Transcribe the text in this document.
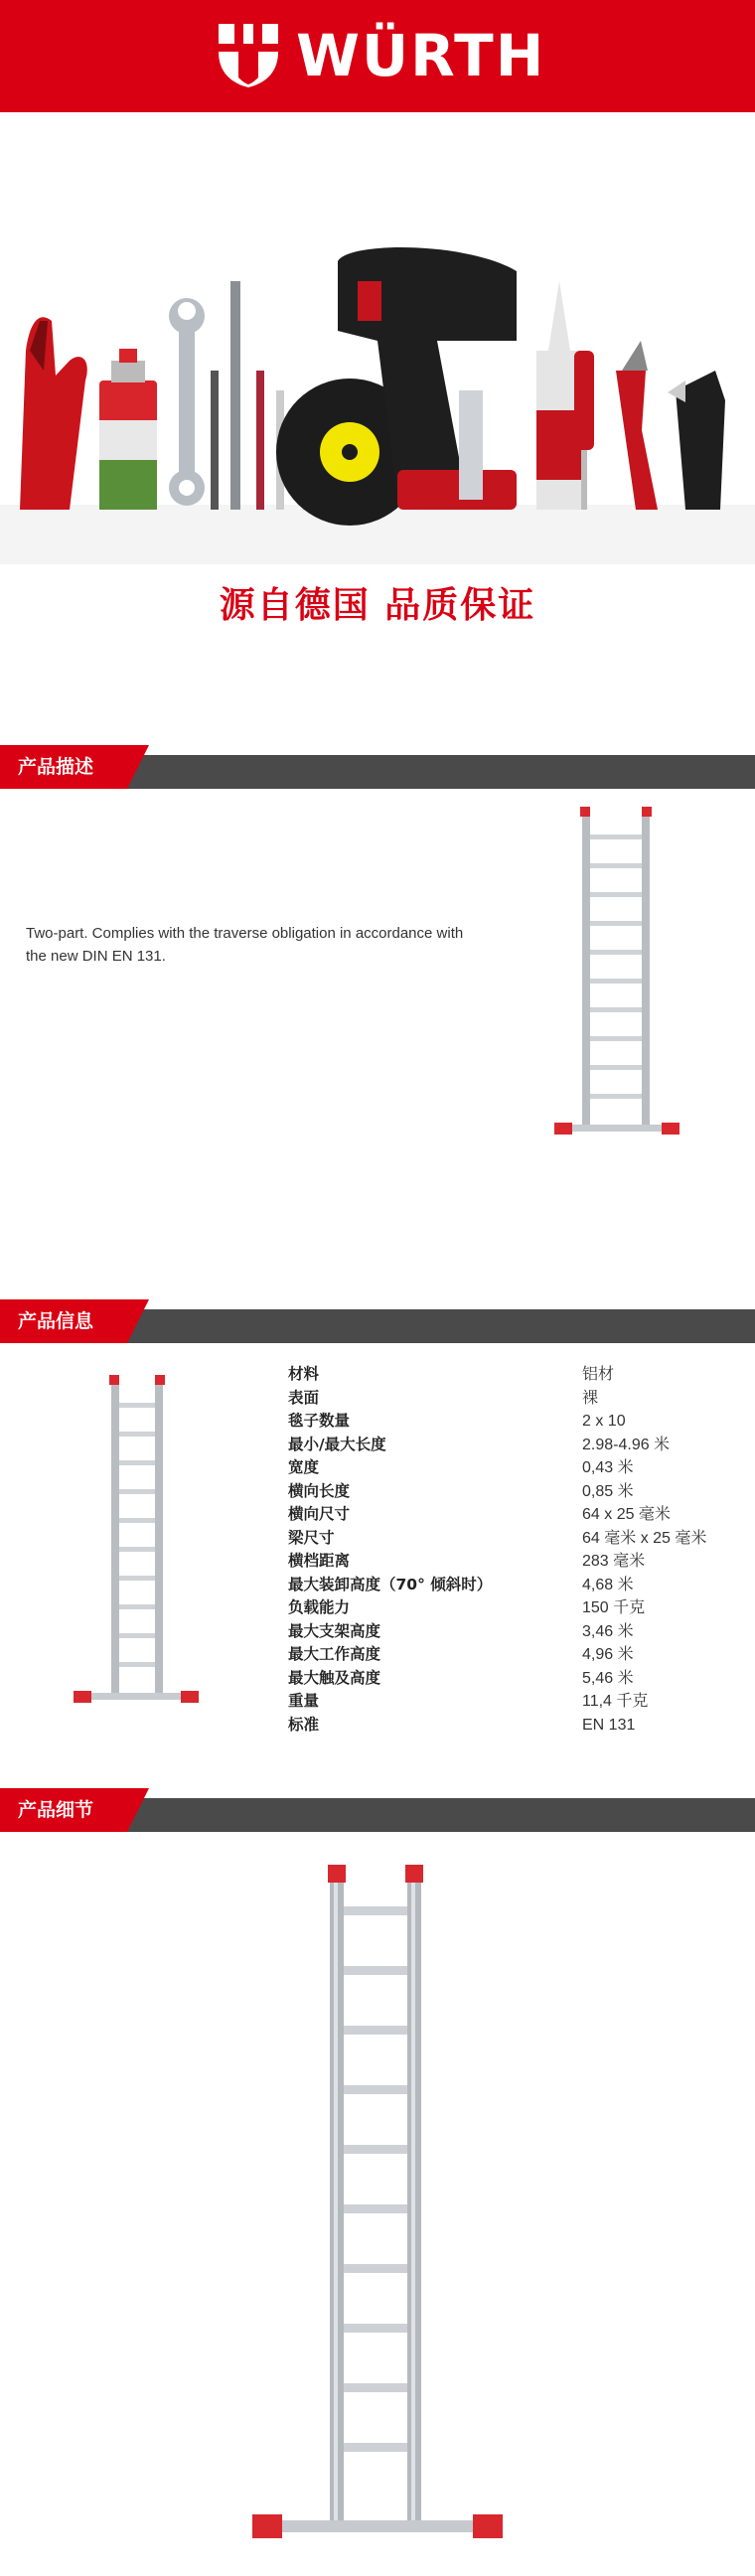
WÜRTH
源自德国 品质保证
产品描述
Two-part. Complies with the traverse obligation in accordance with the new DIN EN 131.
产品信息
材料	铝材
表面	裸
毯子数量	2 x 10
最小/最大长度	2.98-4.96 米
宽度	0,43 米
横向长度	0,85 米
横向尺寸	64 x 25 毫米
梁尺寸	64 毫米 x 25 毫米
横档距离	283 毫米
最大装卸高度（70° 倾斜时）	4,68 米
负载能力	150 千克
最大支架高度	3,46 米
最大工作高度	4,96 米
最大触及高度	5,46 米
重量	11,4 千克
标准	EN 131
产品细节
